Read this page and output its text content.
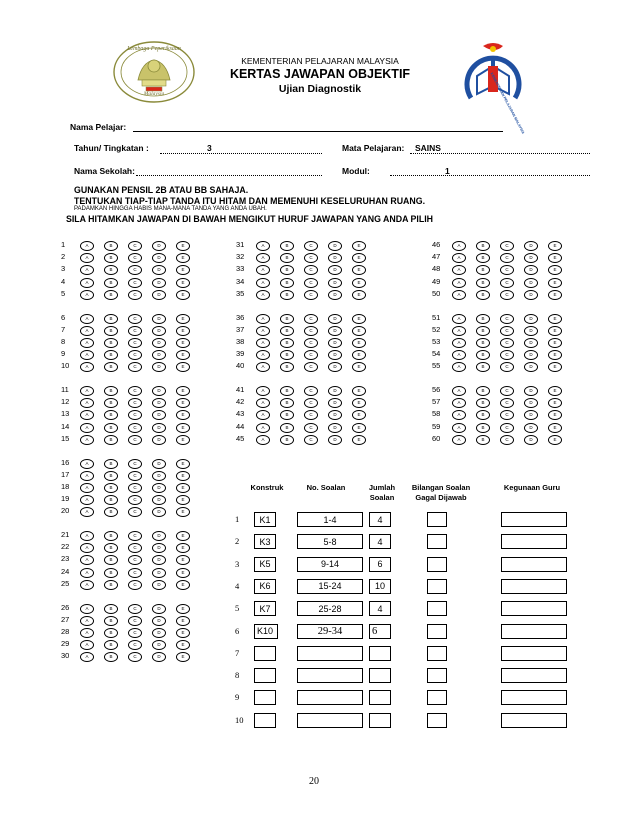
Lembaga Peperiksaan
Malaysia
KEMENTERIAN PELAJARAN MALAYSIA
KERTAS JAWAPAN OBJEKTIF
Ujian Diagnostik	KEMENTERIAN PELAJARAN MALAYSIA
Nama Pelajar:
Tahun/ Tingkatan :	3	Mata Pelajaran: SAINS
Nama Sekolah:	Modul:	1
GUNAKAN PENSIL 2B ATAU BB SAHAJA.
TENTUKAN TIAP-TIAP TANDA ITU HITAM DAN MEMENUHI KESELURUHAN RUANG.
PADAMKAN HINGGA HABIS MANA-MANA TANDA YANG ANDA UBAH.
SILA HITAMKAN JAWAPAN DI BAWAH MENGIKUT HURUF JAWAPAN YANG ANDA PILIH
1	A	B	C	D	E
2	A	B	C	D	E
3	A	B	C	D	E
4	A	B	C	D	E
5	A	B	C	D	E
6	A	B	C	D	E
7	A	B	C	D	E
8	A	B	C	D	E
9	A	B	C	D	E
10	A	B	C	D	E
11	A	B	C	D	E
12	A	B	C	D	E
13	A	B	C	D	E
14	A	B	C	D	E
15	A	B	C	D	E
16	A	B	C	D	E
17	A	B	C	D	E
18	A	B	C	D	E
19	A	B	C	D	E
20	A	B	C	D	E
21	A	B	C	D	E
22	A	B	C	D	E
23	A	B	C	D	E
24	A	B	C	D	E
25	A	B	C	D	E
26	A	B	C	D	E
27	A	B	C	D	E
28	A	B	C	D	E
29	A	B	C	D	E
30	A	B	C	D	E
31	A	B	C	D	E
32	A	B	C	D	E
33	A	B	C	D	E
34	A	B	C	D	E
35	A	B	C	D	E
36	A	B	C	D	E
37	A	B	C	D	E
38	A	B	C	D	E
39	A	B	C	D	E
40	A	B	C	D	E
41	A	B	C	D	E
42	A	B	C	D	E
43	A	B	C	D	E
44	A	B	C	D	E
45	A	B	C	D	E
46	A	B	C	D	E
47	A	B	C	D	E
48	A	B	C	D	E
49	A	B	C	D	E
50	A	B	C	D	E
51	A	B	C	D	E
52	A	B	C	D	E
53	A	B	C	D	E
54	A	B	C	D	E
55	A	B	C	D	E
56	A	B	C	D	E
57	A	B	C	D	E
58	A	B	C	D	E
59	A	B	C	D	E
60	A	B	C	D	E
Konstruk	No. Soalan	Jumlah
Soalan
Bilangan Soalan
Gagal Dijawab
Kegunaan Guru
1	K1	1-4	4
2	K3	5-8	4
3	K5	9-14	6
4	K6	15-24	10
5	K7	25-28	4
6	K10	29-34	6
7
8
9
10
20
